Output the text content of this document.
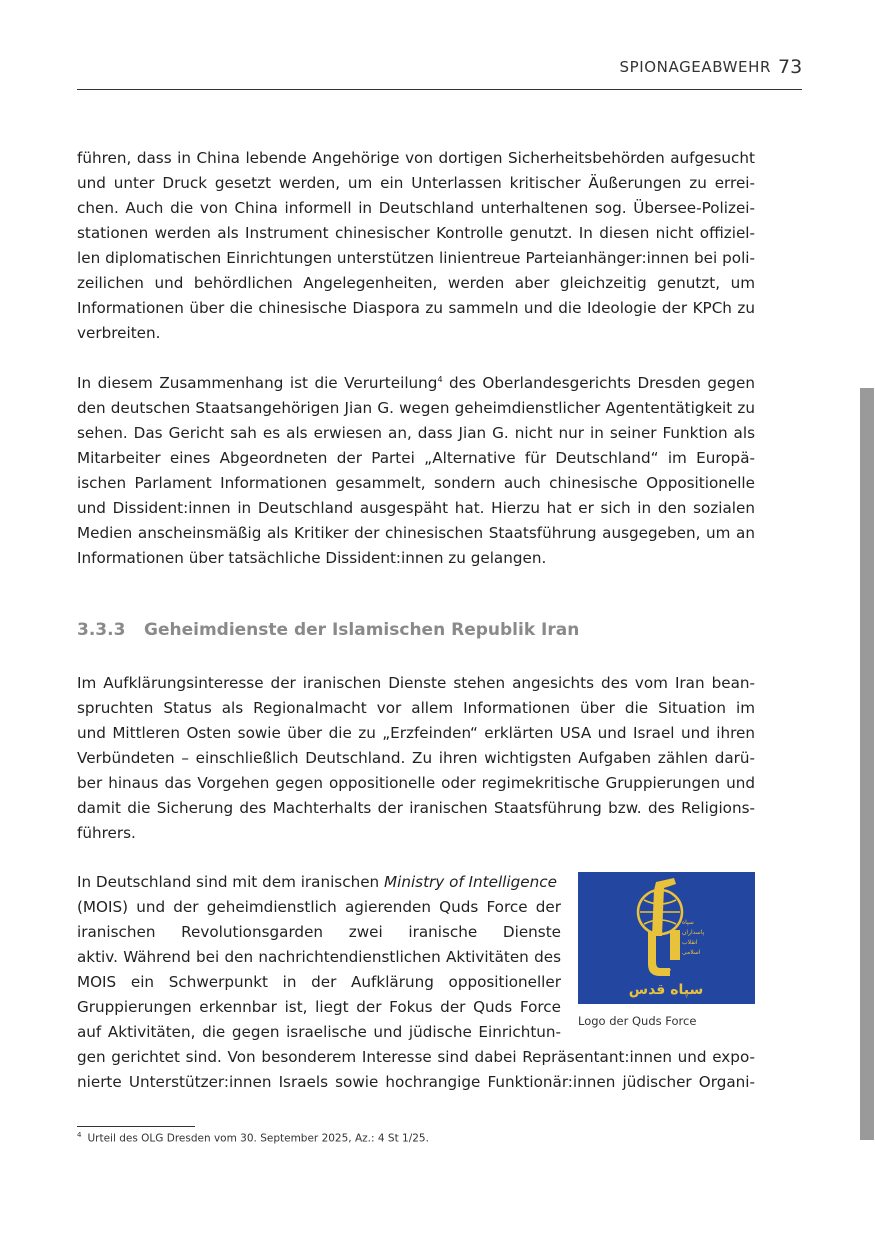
SPIONAGEABWEHR 73
führen, dass in China lebende Angehörige von dortigen Sicherheitsbehörden aufgesucht
und unter Druck gesetzt werden, um ein Unterlassen kritischer Äußerungen zu errei-
chen. Auch die von China informell in Deutschland unterhaltenen sog. Übersee-Polizei-
stationen werden als Instrument chinesischer Kontrolle genutzt. In diesen nicht offiziel-
len diplomatischen Einrichtungen unterstützen linientreue Parteianhänger:innen bei poli-
zeilichen und behördlichen Angelegenheiten, werden aber gleichzeitig genutzt, um
Informationen über die chinesische Diaspora zu sammeln und die Ideologie der KPCh zu
verbreiten.
In diesem Zusammenhang ist die Verurteilung$^4$ des Oberlandesgerichts Dresden gegen
den deutschen Staatsangehörigen Jian G. wegen geheimdienstlicher Agententätigkeit zu
sehen. Das Gericht sah es als erwiesen an, dass Jian G. nicht nur in seiner Funktion als
Mitarbeiter eines Abgeordneten der Partei „Alternative für Deutschland“ im Europä-
ischen Parlament Informationen gesammelt, sondern auch chinesische Oppositionelle
und Dissident:innen in Deutschland ausgespäht hat. Hierzu hat er sich in den sozialen
Medien anscheinsmäßig als Kritiker der chinesischen Staatsführung ausgegeben, um an
Informationen über tatsächliche Dissident:innen zu gelangen.
3.3.3 Geheimdienste der Islamischen Republik Iran
Im Aufklärungsinteresse der iranischen Dienste stehen angesichts des vom Iran bean-
spruchten Status als Regionalmacht vor allem Informationen über die Situation im
und Mittleren Osten sowie über die zu „Erzfeinden“ erklärten USA und Israel und ihren
Verbündeten – einschließlich Deutschland. Zu ihren wichtigsten Aufgaben zählen darü-
ber hinaus das Vorgehen gegen oppositionelle oder regimekritische Gruppierungen und
damit die Sicherung des Machterhalts der iranischen Staatsführung bzw. des Religions-
führers.
In Deutschland sind mit dem iranischen Ministry of Intelligence
(MOIS) und der geheimdienstlich agierenden Quds Force der
iranischen Revolutionsgarden zwei iranische Dienste
aktiv. Während bei den nachrichtendienstlichen Aktivitäten des
MOIS ein Schwerpunkt in der Aufklärung oppositioneller
Gruppierungen erkennbar ist, liegt der Fokus der Quds Force
auf Aktivitäten, die gegen israelische und jüdische Einrichtun-
gen gerichtet sind. Von besonderem Interesse sind dabei Repräsentant:innen und expo-
nierte Unterstützer:innen Israels sowie hochrangige Funktionär:innen jüdischer Organi-
سپاه
پاسداران
انقلاب
اسلامی
۱۳۵۷
سپاه قدس
Logo der Quds Force
$^4$ Urteil des OLG Dresden vom 30. September 2025, Az.: 4 St 1/25.
